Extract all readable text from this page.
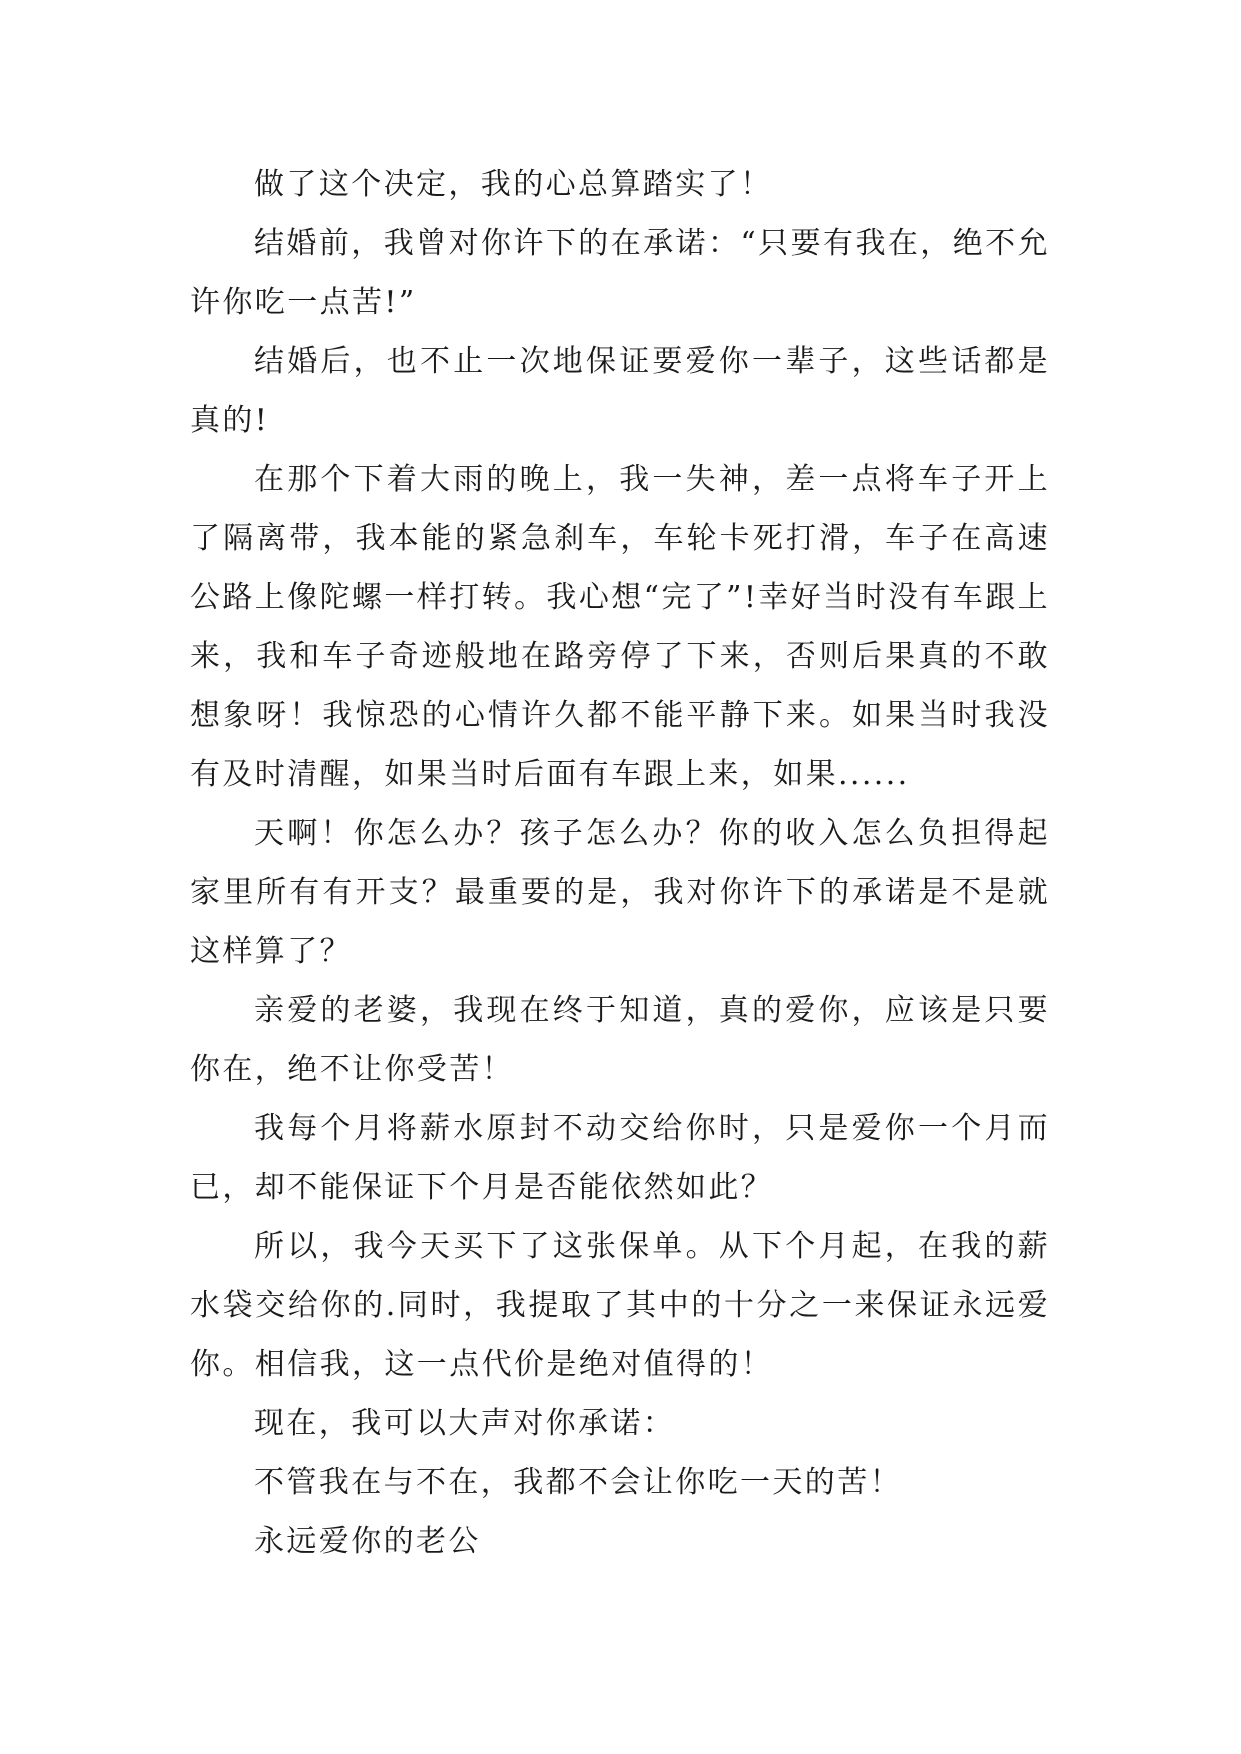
做了这个决定，我的心总算踏实了！

结婚前，我曾对你许下的在承诺：“只要有我在，绝不允许你吃一点苦!”

结婚后，也不止一次地保证要爱你一辈子，这些话都是真的!

在那个下着大雨的晚上，我一失神，差一点将车子开上了隔离带，我本能的紧急刹车，车轮卡死打滑，车子在高速公路上像陀螺一样打转。我心想“完了”!幸好当时没有车跟上来，我和车子奇迹般地在路旁停了下来，否则后果真的不敢想象呀！我惊恐的心情许久都不能平静下来。如果当时我没有及时清醒，如果当时后面有车跟上来，如果......

天啊！你怎么办？孩子怎么办？你的收入怎么负担得起家里所有有开支？最重要的是，我对你许下的承诺是不是就这样算了？

亲爱的老婆，我现在终于知道，真的爱你，应该是只要你在，绝不让你受苦！

我每个月将薪水原封不动交给你时，只是爱你一个月而已，却不能保证下个月是否能依然如此？

所以，我今天买下了这张保单。从下个月起，在我的薪水袋交给你的.同时，我提取了其中的十分之一来保证永远爱你。相信我，这一点代价是绝对值得的！

现在，我可以大声对你承诺：

不管我在与不在，我都不会让你吃一天的苦！

永远爱你的老公
